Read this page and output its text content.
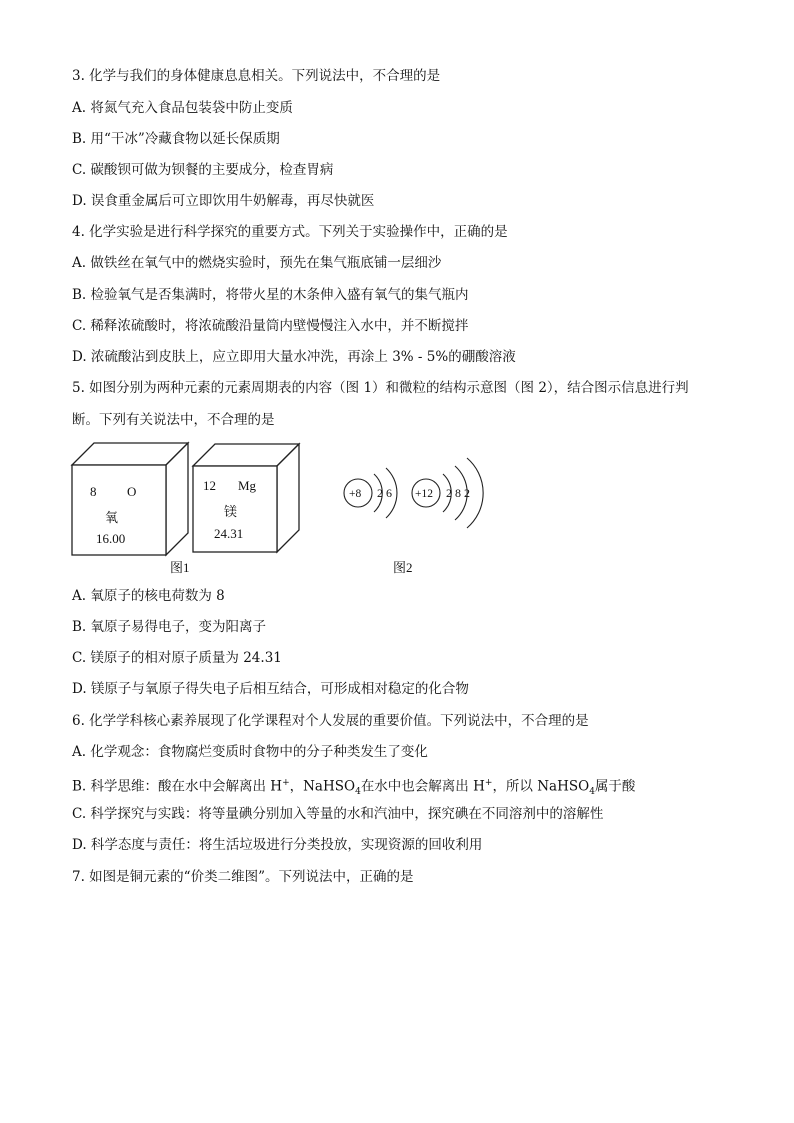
3. 化学与我们的身体健康息息相关。下列说法中，不合理的是
A. 将氮气充入食品包装袋中防止变质
B. 用“干冰”冷藏食物以延长保质期
C. 碳酸钡可做为钡餐的主要成分，检查胃病
D. 误食重金属后可立即饮用牛奶解毒，再尽快就医
4. 化学实验是进行科学探究的重要方式。下列关于实验操作中，正确的是
A. 做铁丝在氧气中的燃烧实验时，预先在集气瓶底铺一层细沙
B. 检验氧气是否集满时，将带火星的木条伸入盛有氧气的集气瓶内
C. 稀释浓硫酸时，将浓硫酸沿量筒内壁慢慢注入水中，并不断搅拌
D. 浓硫酸沾到皮肤上，应立即用大量水冲洗，再涂上 3% - 5%的硼酸溶液
5. 如图分别为两种元素的元素周期表的内容（图 1）和微粒的结构示意图（图 2），结合图示信息进行判
断。下列有关说法中，不合理的是
8 O
氧
16.00
12 Mg
镁
24.31
图1	图2
+8 2 6 +12 2 8 2
A. 氧原子的核电荷数为 8
B. 氧原子易得电子，变为阳离子
C. 镁原子的相对原子质量为 24.31
D. 镁原子与氧原子得失电子后相互结合，可形成相对稳定的化合物
6. 化学学科核心素养展现了化学课程对个人发展的重要价值。下列说法中，不合理的是
A. 化学观念：食物腐烂变质时食物中的分子种类发生了变化
B. 科学思维：酸在水中会解离出 H+，NaHSO$_4$在水中也会解离出 H+，所以 NaHSO$_4$属于酸
C. 科学探究与实践：将等量碘分别加入等量的水和汽油中，探究碘在不同溶剂中的溶解性
D. 科学态度与责任：将生活垃圾进行分类投放，实现资源的回收利用
7. 如图是铜元素的“价类二维图”。下列说法中，正确的是
